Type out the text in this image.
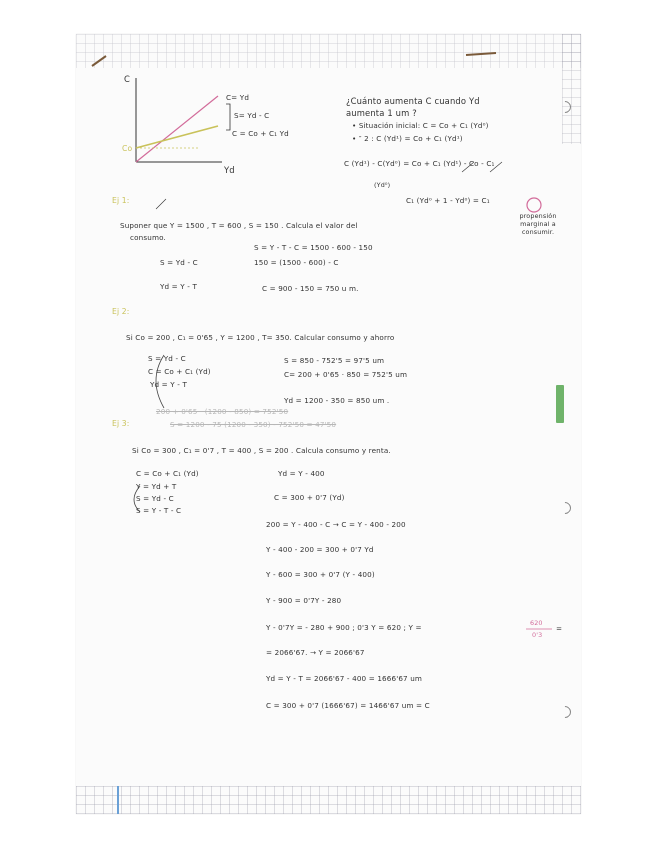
C
Yd
C= Yd
S= Yd - C
C = Co + C₁ Yd
Co
¿Cuánto aumenta C cuando Yd
aumenta 1 um ?
• Situación inicial: C = Co + C₁ (Yd⁰)
• ″ 2 : C (Yd¹) = Co + C₁ (Yd¹)
C (Yd¹) - C(Yd⁰) = Co + C₁ (Yd¹) - Co - C₁
(Yd⁰)
C₁ (Yd⁰ + 1 - Yd⁰) = C₁
propensión
marginal a
consumir.
Ej 1:
Suponer que Y = 1500 , T = 600 , S = 150 . Calcula el valor del
consumo.
S = Y - T - C = 1500 - 600 - 150
S = Yd - C	150 = (1500 - 600) - C
Yd = Y - T	C = 900 - 150 = 750 u m.
Ej 2:
Si Co = 200 , C₁ = 0'65 , Y = 1200 , T= 350. Calcular consumo y ahorro
S = Yd - C
C = Co + C₁ (Yd)
Yd = Y - T
S = 850 - 752'5 = 97'5 um
C= 200 + 0'65 · 850 = 752'5 um
Yd = 1200 - 350 = 850 um .
200 + 0'65 · (1200 - 850) = 752'50
S = 1200 - 75 (1200 - 350) - 752'50 = 47'50
Ej 3:
Si Co = 300 , C₁ = 0'7 , T = 400 , S = 200 . Calcula consumo y renta.
C = Co + C₁ (Yd)
Y = Yd + T
S = Yd - C
S = Y - T - C
Yd = Y - 400
C = 300 + 0'7 (Yd)
200 = Y - 400 - C → C = Y - 400 - 200
Y - 400 - 200 = 300 + 0'7 Yd
Y - 600 = 300 + 0'7 (Y - 400)
Y - 900 = 0'7Y - 280
Y - 0'7Y = - 280 + 900 ; 0'3 Y = 620 ; Y =	620
0'3
=
= 2066'67. → Y = 2066'67
Yd = Y - T = 2066'67 - 400 = 1666'67 um
C = 300 + 0'7 (1666'67) = 1466'67 um = C
